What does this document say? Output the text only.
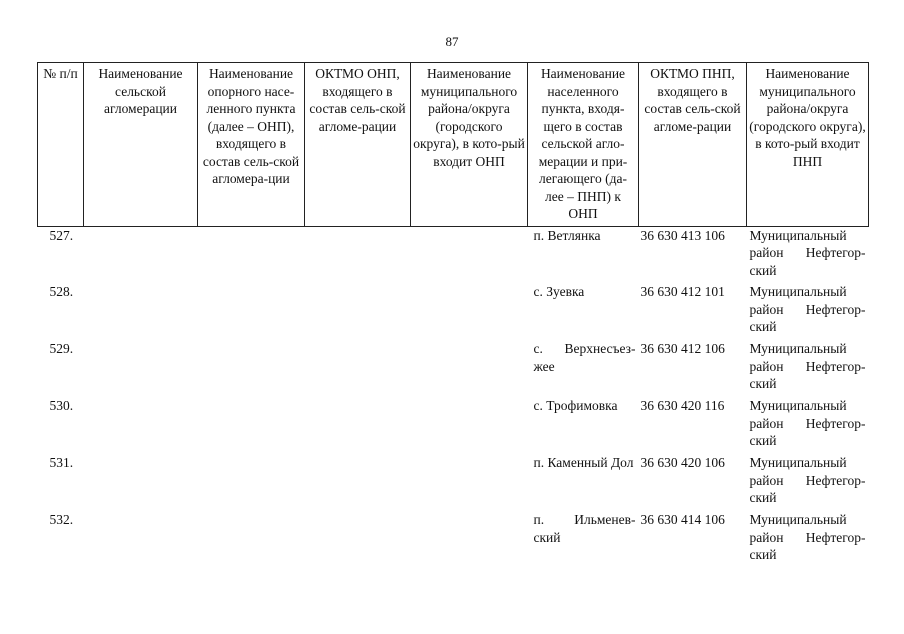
87
№ п/п	Наименование сельской агломерации	Наименование опорного насе-ленного пункта (далее – ОНП), входящего в состав сель-ской агломера-ции	ОКТМО ОНП, входящего в состав сель-ской агломе-рации	Наименование муниципального района/округа (городского округа), в кото-рый входит ОНП	Наименование населенного пункта, входя-щего в состав сельской агло-мерации и при-легающего (да-лее – ПНП) к ОНП	ОКТМО ПНП, входящего в состав сель-ской агломе-рации	Наименование муниципального района/округа (городского округа), в кото-рый входит ПНП
527.					п. Ветлянка	36 630 413 106	Муниципальный район Нефтегор-ский
528.					с. Зуевка	36 630 412 101	Муниципальный район Нефтегор-ский
529.					с. Верхнесъез-жее	36 630 412 106	Муниципальный район Нефтегор-ский
530.					с. Трофимовка	36 630 420 116	Муниципальный район Нефтегор-ский
531.					п. Каменный Дол	36 630 420 106	Муниципальный район Нефтегор-ский
532.					п. Ильменев-ский	36 630 414 106	Муниципальный район Нефтегор-ский
